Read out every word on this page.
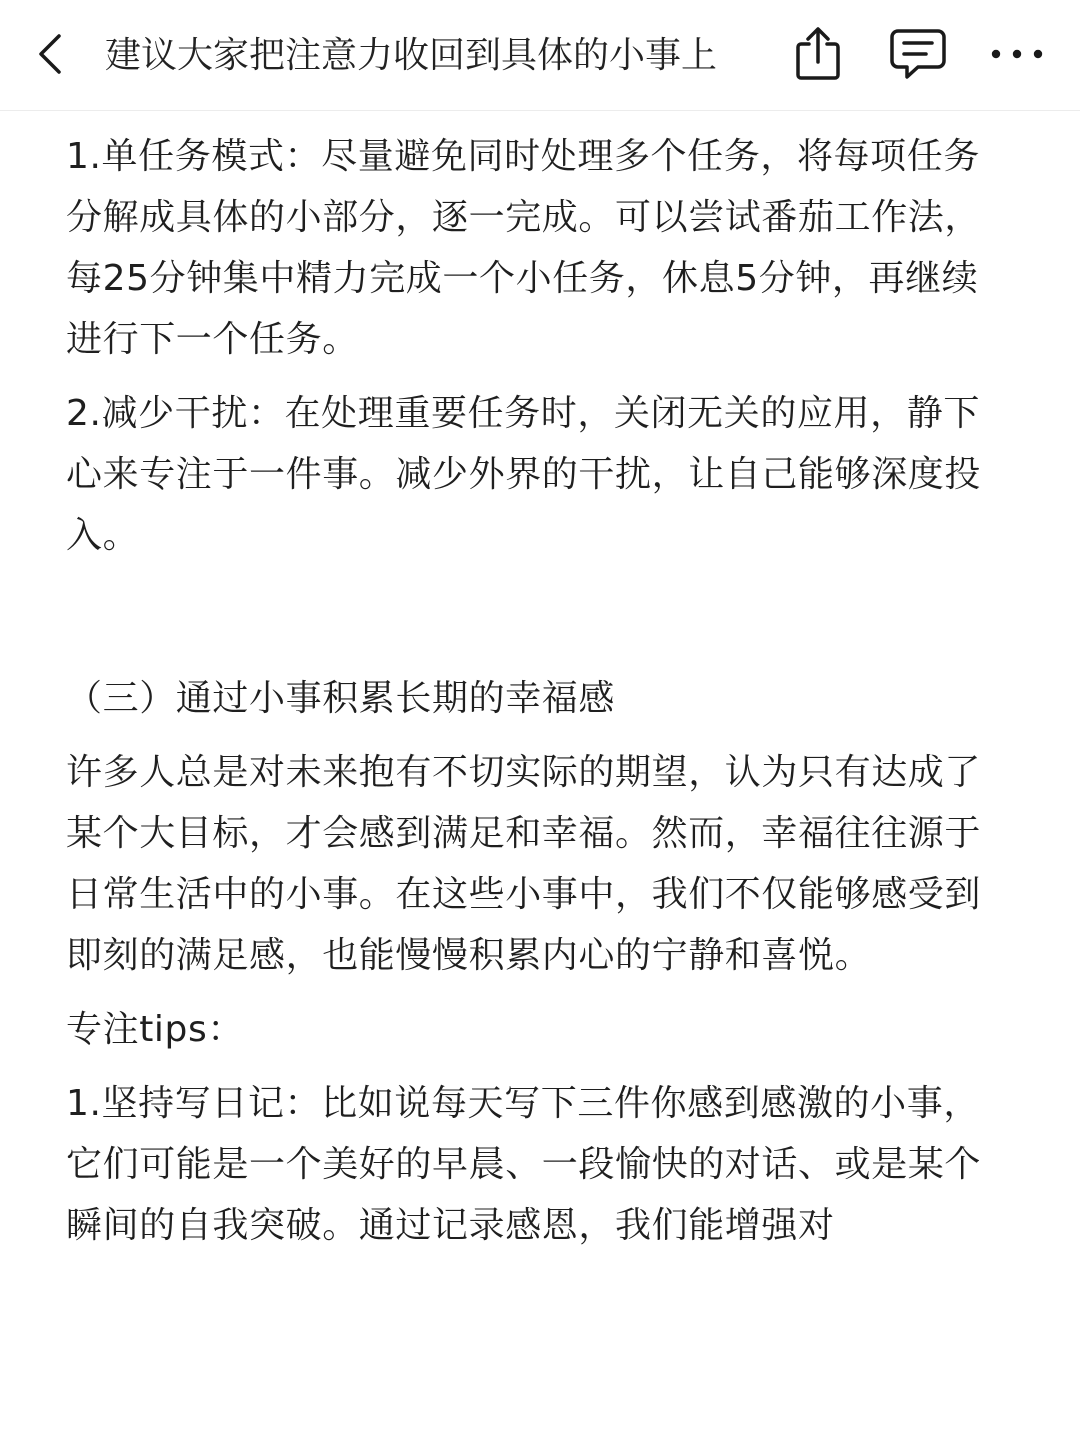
建议大家把注意力收回到具体的小事上

1.单任务模式：尽量避免同时处理多个任务，将每项任务分解成具体的小部分，逐一完成。可以尝试番茄工作法，每25分钟集中精力完成一个小任务，休息5分钟，再继续进行下一个任务。

2.减少干扰：在处理重要任务时，关闭无关的应用，静下心来专注于一件事。减少外界的干扰，让自己能够深度投入。

（三）通过小事积累长期的幸福感

许多人总是对未来抱有不切实际的期望，认为只有达成了某个大目标，才会感到满足和幸福。然而，幸福往往源于日常生活中的小事。在这些小事中，我们不仅能够感受到即刻的满足感，也能慢慢积累内心的宁静和喜悦。

专注tips：

1.坚持写日记：比如说每天写下三件你感到感激的小事，它们可能是一个美好的早晨、一段愉快的对话、或是某个瞬间的自我突破。通过记录感恩，我们能增强对
